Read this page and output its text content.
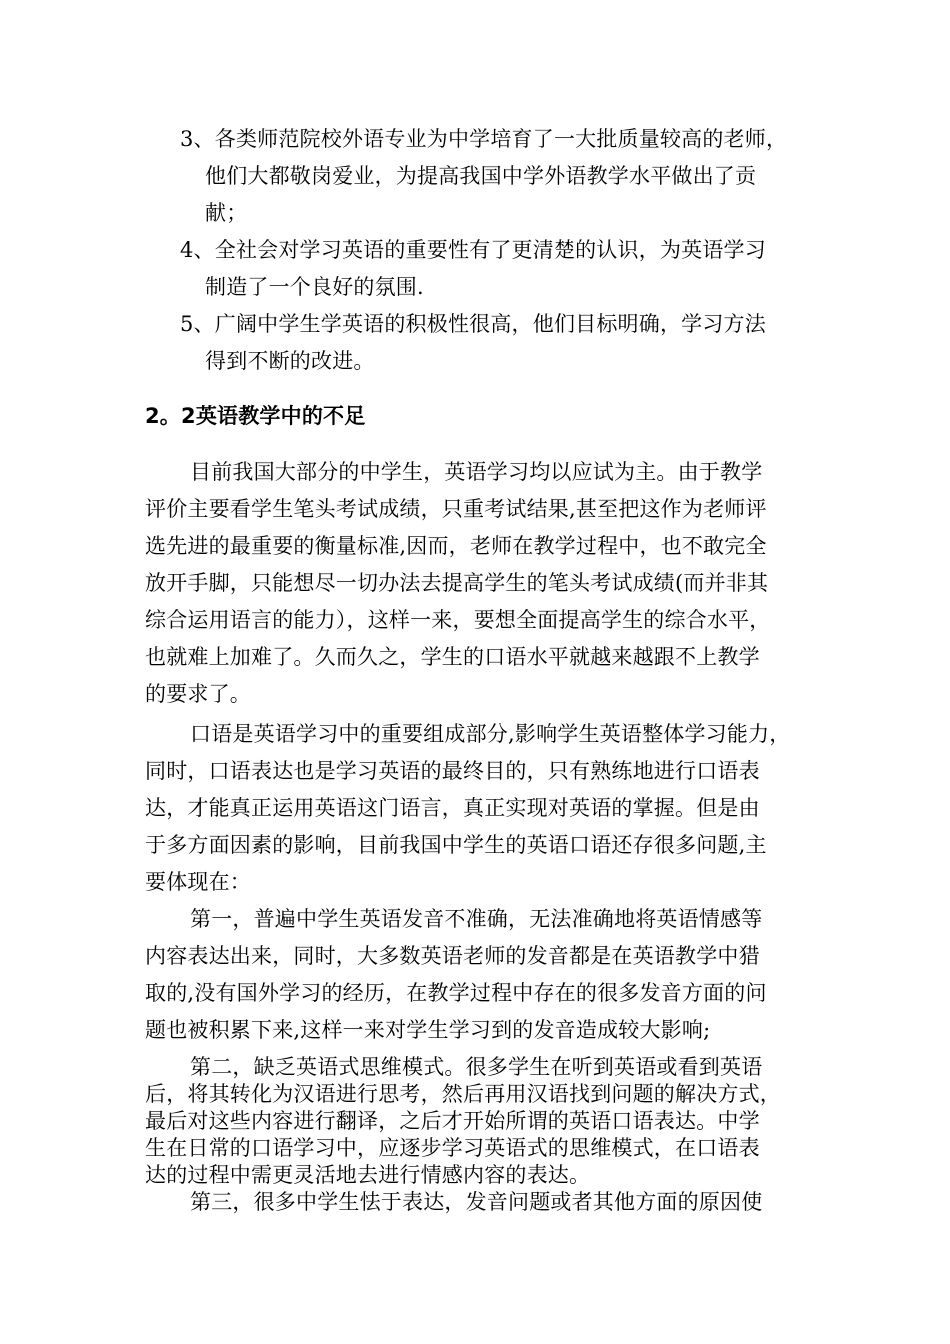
3、各类师范院校外语专业为中学培育了一大批质量较高的老师，
他们大都敬岗爱业，为提高我国中学外语教学水平做出了贡
献；
4、全社会对学习英语的重要性有了更清楚的认识，为英语学习
制造了一个良好的氛围.
5、广阔中学生学英语的积极性很高，他们目标明确，学习方法
得到不断的改进。
2。2英语教学中的不足
目前我国大部分的中学生，英语学习均以应试为主。由于教学
评价主要看学生笔头考试成绩，只重考试结果,甚至把这作为老师评
选先进的最重要的衡量标准,因而，老师在教学过程中，也不敢完全
放开手脚，只能想尽一切办法去提高学生的笔头考试成绩(而并非其
综合运用语言的能力），这样一来，要想全面提高学生的综合水平，
也就难上加难了。久而久之，学生的口语水平就越来越跟不上教学
的要求了。
口语是英语学习中的重要组成部分,影响学生英语整体学习能力，
同时，口语表达也是学习英语的最终目的，只有熟练地进行口语表
达，才能真正运用英语这门语言，真正实现对英语的掌握。但是由
于多方面因素的影响，目前我国中学生的英语口语还存很多问题,主
要体现在：
第一，普遍中学生英语发音不准确，无法准确地将英语情感等
内容表达出来，同时，大多数英语老师的发音都是在英语教学中猎
取的,没有国外学习的经历，在教学过程中存在的很多发音方面的问
题也被积累下来,这样一来对学生学习到的发音造成较大影响;
第二，缺乏英语式思维模式。很多学生在听到英语或看到英语
后，将其转化为汉语进行思考，然后再用汉语找到问题的解决方式，
最后对这些内容进行翻译，之后才开始所谓的英语口语表达。中学
生在日常的口语学习中，应逐步学习英语式的思维模式，在口语表
达的过程中需更灵活地去进行情感内容的表达。
第三，很多中学生怯于表达，发音问题或者其他方面的原因使
